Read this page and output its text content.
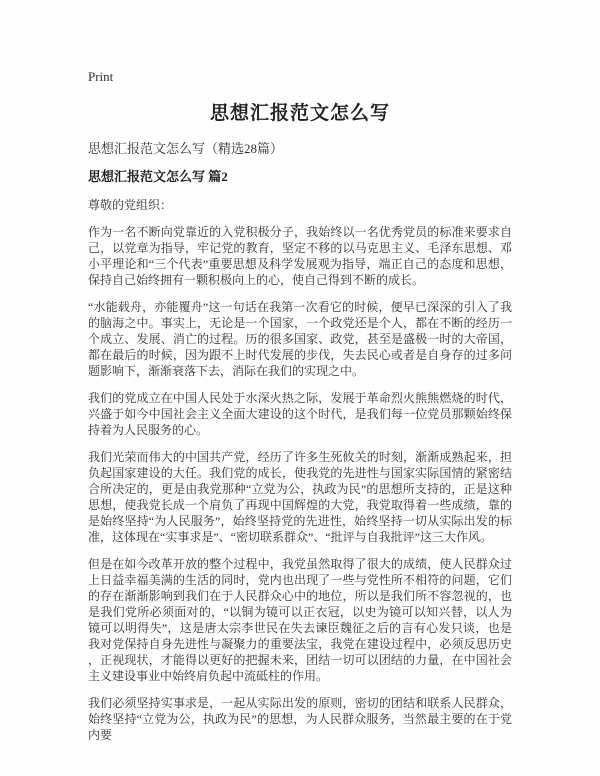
Print
思想汇报范文怎么写

思想汇报范文怎么写（精选28篇）

思想汇报范文怎么写 篇2

尊敬的党组织：

作为一名不断向党靠近的入党积极分子，我始终以一名优秀党员的标准来要求自己，以党章为指导，牢记党的教育，坚定不移的以马克思主义、毛泽东思想、邓小平理论和“三个代表”重要思想及科学发展观为指导，端正自己的态度和思想，保持自己始终拥有一颗积极向上的心，使自己得到不断的成长。

“水能载舟，亦能覆舟”这一句话在我第一次看它的时候，便早已深深的引入了我的脑海之中。事实上，无论是一个国家，一个政党还是个人，都在不断的经历一个成立、发展、消亡的过程。历的很多国家、政党，甚至是盛极一时的大帝国，都在最后的时候，因为跟不上时代发展的步伐，失去民心或者是自身存的过多问题影响下，渐渐衰落下去，消际在我们的实现之中。

我们的党成立在中国人民处于水深火热之际，发展于革命烈火熊熊燃烧的时代，兴盛于如今中国社会主义全面大建设的这个时代，是我们每一位党员那颗始终保持着为人民服务的心。

我们光荣而伟大的中国共产党，经历了许多生死攸关的时刻，渐渐成熟起来，担负起国家建设的大任。我们党的成长，使我党的先进性与国家实际国情的紧密结合所决定的，更是由我党那种“立党为公，执政为民”的思想所支持的，正是这种思想，使我党长成一个肩负了再现中国辉煌的大党，我党取得着一些成绩，靠的是始终坚持“为人民服务”，始终坚持党的先进性，始终坚持一切从实际出发的标准，这体现在“实事求是”、“密切联系群众”、“批评与自我批评”这三大作风。

但是在如今改革开放的整个过程中，我党虽然取得了很大的成绩，使人民群众过上日益幸福美满的生活的同时，党内也出现了一些与党性所不相符的问题，它们的存在渐渐影响到我们在于人民群众心中的地位，所以是我们所不容忽视的，也是我们党所必须面对的，“以铜为镜可以正衣冠，以史为镜可以知兴替，以人为镜可以明得失”，这是唐太宗李世民在失去谏臣魏征之后的言有心发只谈，也是我对党保持自身先进性与凝聚力的重要法宝，我党在建设过程中，必须反思历史，正视现状，才能得以更好的把握未来，团结一切可以团结的力量，在中国社会主义建设事业中始终肩负起中流砥柱的作用。

我们必须坚持实事求是，一起从实际出发的原则，密切的团结和联系人民群众，始终坚持“立党为公，执政为民”的思想，为人民群众服务，当然最主要的在于党内要
